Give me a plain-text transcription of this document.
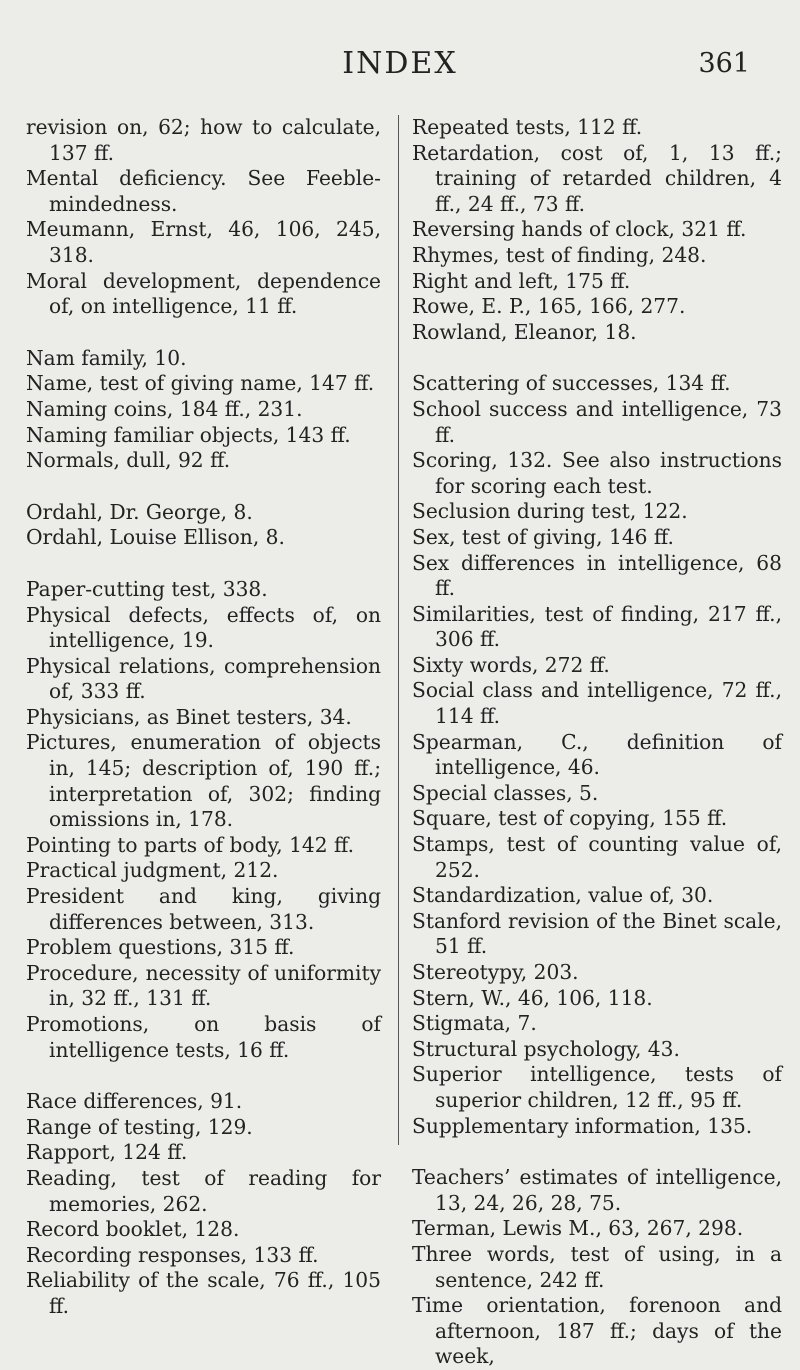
INDEX	361

revision on, 62; how to calculate, 137 ff.

Mental deficiency. See Feeble-mindedness.

Meumann, Ernst, 46, 106, 245, 318.

Moral development, dependence of, on intelligence, 11 ff.

Nam family, 10.

Name, test of giving name, 147 ff.

Naming coins, 184 ff., 231.

Naming familiar objects, 143 ff.

Normals, dull, 92 ff.

Ordahl, Dr. George, 8.

Ordahl, Louise Ellison, 8.

Paper-cutting test, 338.

Physical defects, effects of, on intelligence, 19.

Physical relations, comprehension of, 333 ff.

Physicians, as Binet testers, 34.

Pictures, enumeration of objects in, 145; description of, 190 ff.; interpretation of, 302; finding omissions in, 178.

Pointing to parts of body, 142 ff.

Practical judgment, 212.

President and king, giving differences between, 313.

Problem questions, 315 ff.

Procedure, necessity of uniformity in, 32 ff., 131 ff.

Promotions, on basis of intelligence tests, 16 ff.

Race differences, 91.

Range of testing, 129.

Rapport, 124 ff.

Reading, test of reading for memories, 262.

Record booklet, 128.

Recording responses, 133 ff.

Reliability of the scale, 76 ff., 105 ff.

Repeated tests, 112 ff.

Retardation, cost of, 1, 13 ff.; training of retarded children, 4 ff., 24 ff., 73 ff.

Reversing hands of clock, 321 ff.

Rhymes, test of finding, 248.

Right and left, 175 ff.

Rowe, E. P., 165, 166, 277.

Rowland, Eleanor, 18.

Scattering of successes, 134 ff.

School success and intelligence, 73 ff.

Scoring, 132. See also instructions for scoring each test.

Seclusion during test, 122.

Sex, test of giving, 146 ff.

Sex differences in intelligence, 68 ff.

Similarities, test of finding, 217 ff., 306 ff.

Sixty words, 272 ff.

Social class and intelligence, 72 ff., 114 ff.

Spearman, C., definition of intelligence, 46.

Special classes, 5.

Square, test of copying, 155 ff.

Stamps, test of counting value of, 252.

Standardization, value of, 30.

Stanford revision of the Binet scale, 51 ff.

Stereotypy, 203.

Stern, W., 46, 106, 118.

Stigmata, 7.

Structural psychology, 43.

Superior intelligence, tests of superior children, 12 ff., 95 ff.

Supplementary information, 135.

Teachers’ estimates of intelligence, 13, 24, 26, 28, 75.

Terman, Lewis M., 63, 267, 298.

Three words, test of using, in a sentence, 242 ff.

Time orientation, forenoon and afternoon, 187 ff.; days of the week,
